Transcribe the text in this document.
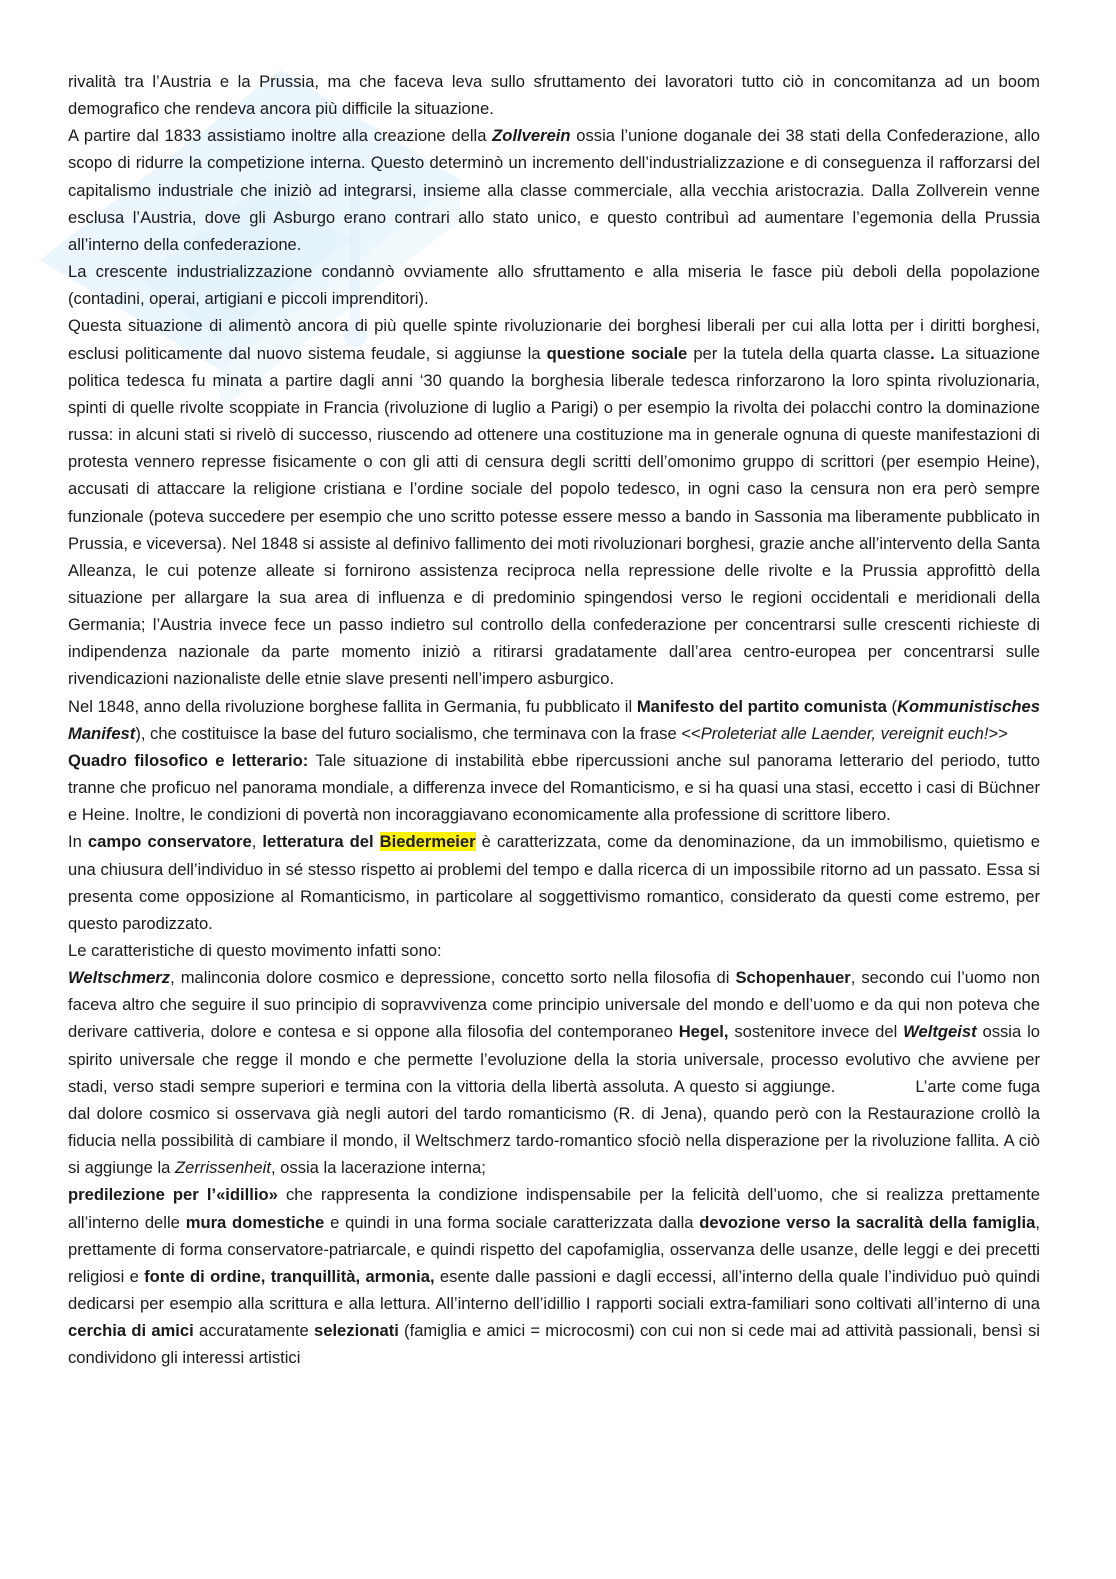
rivalità tra l’Austria e la Prussia, ma che faceva leva sullo sfruttamento dei lavoratori tutto ciò in concomitanza ad un boom demografico che rendeva ancora più difficile la situazione.

A partire dal 1833 assistiamo inoltre alla creazione della Zollverein ossia l’unione doganale dei 38 stati della Confederazione, allo scopo di ridurre la competizione interna. Questo determinò un incremento dell’industrializzazione e di conseguenza il rafforzarsi del capitalismo industriale che iniziò ad integrarsi, insieme alla classe commerciale, alla vecchia aristocrazia. Dalla Zollverein venne esclusa l’Austria, dove gli Asburgo erano contrari allo stato unico, e questo contribuì ad aumentare l’egemonia della Prussia all’interno della confederazione.

La crescente industrializzazione condannò ovviamente allo sfruttamento e alla miseria le fasce più deboli della popolazione (contadini, operai, artigiani e piccoli imprenditori).

Questa situazione di alimentò ancora di più quelle spinte rivoluzionarie dei borghesi liberali per cui alla lotta per i diritti borghesi, esclusi politicamente dal nuovo sistema feudale, si aggiunse la questione sociale per la tutela della quarta classe. La situazione politica tedesca fu minata a partire dagli anni ‘30 quando la borghesia liberale tedesca rinforzarono la loro spinta rivoluzionaria, spinti di quelle rivolte scoppiate in Francia (rivoluzione di luglio a Parigi) o per esempio la rivolta dei polacchi contro la dominazione russa: in alcuni stati si rivelò di successo, riuscendo ad ottenere una costituzione ma in generale ognuna di queste manifestazioni di protesta vennero represse fisicamente o con gli atti di censura degli scritti dell’omonimo gruppo di scrittori (per esempio Heine), accusati di attaccare la religione cristiana e l’ordine sociale del popolo tedesco, in ogni caso la censura non era però sempre funzionale (poteva succedere per esempio che uno scritto potesse essere messo a bando in Sassonia ma liberamente pubblicato in Prussia, e viceversa). Nel 1848 si assiste al definivo fallimento dei moti rivoluzionari borghesi, grazie anche all’intervento della Santa Alleanza, le cui potenze alleate si fornirono assistenza reciproca nella repressione delle rivolte e la Prussia approfittò della situazione per allargare la sua area di influenza e di predominio spingendosi verso le regioni occidentali e meridionali della Germania; l’Austria invece fece un passo indietro sul controllo della confederazione per concentrarsi sulle crescenti richieste di indipendenza nazionale da parte momento iniziò a ritirarsi gradatamente dall’area centro-europea per concentrarsi sulle rivendicazioni nazionaliste delle etnie slave presenti nell’impero asburgico.

Nel 1848, anno della rivoluzione borghese fallita in Germania, fu pubblicato il Manifesto del partito comunista (Kommunistisches Manifest), che costituisce la base del futuro socialismo, che terminava con la frase <<Proleteriat alle Laender, vereignit euch!>>

Quadro filosofico e letterario: Tale situazione di instabilità ebbe ripercussioni anche sul panorama letterario del periodo, tutto tranne che proficuo nel panorama mondiale, a differenza invece del Romanticismo, e si ha quasi una stasi, eccetto i casi di Büchner e Heine. Inoltre, le condizioni di povertà non incoraggiavano economicamente alla professione di scrittore libero.

In campo conservatore, letteratura del Biedermeier è caratterizzata, come da denominazione, da un immobilismo, quietismo e una chiusura dell’individuo in sé stesso rispetto ai problemi del tempo e dalla ricerca di un impossibile ritorno ad un passato. Essa si presenta come opposizione al Romanticismo, in particolare al soggettivismo romantico, considerato da questi come estremo, per questo parodizzato.

Le caratteristiche di questo movimento infatti sono:

Weltschmerz, malinconia dolore cosmico e depressione, concetto sorto nella filosofia di Schopenhauer, secondo cui l’uomo non faceva altro che seguire il suo principio di sopravvivenza come principio universale del mondo e dell’uomo e da qui non poteva che derivare cattiveria, dolore e contesa e si oppone alla filosofia del contemporaneo Hegel, sostenitore invece del Weltgeist ossia lo spirito universale che regge il mondo e che permette l’evoluzione della la storia universale, processo evolutivo che avviene per stadi, verso stadi sempre superiori e termina con la vittoria della libertà assoluta. A questo si aggiunge.	L’arte come fuga dal dolore cosmico si osservava già negli autori del tardo romanticismo (R. di Jena), quando però con la Restaurazione crollò la fiducia nella possibilità di cambiare il mondo, il Weltschmerz tardo-romantico sfociò nella disperazione per la rivoluzione fallita. A ciò si aggiunge la Zerrissenheit, ossia la lacerazione interna;

predilezione per l’«idillio» che rappresenta la condizione indispensabile per la felicità dell’uomo, che si realizza prettamente all’interno delle mura domestiche e quindi in una forma sociale caratterizzata dalla devozione verso la sacralità della famiglia, prettamente di forma conservatore-patriarcale, e quindi rispetto del capofamiglia, osservanza delle usanze, delle leggi e dei precetti religiosi e fonte di ordine, tranquillità, armonia, esente dalle passioni e dagli eccessi, all’interno della quale l’individuo può quindi dedicarsi per esempio alla scrittura e alla lettura. All’interno dell’idillio I rapporti sociali extra-familiari sono coltivati all’interno di una cerchia di amici accuratamente selezionati (famiglia e amici = microcosmi) con cui non si cede mai ad attività passionali, bensì si condividono gli interessi artistici
